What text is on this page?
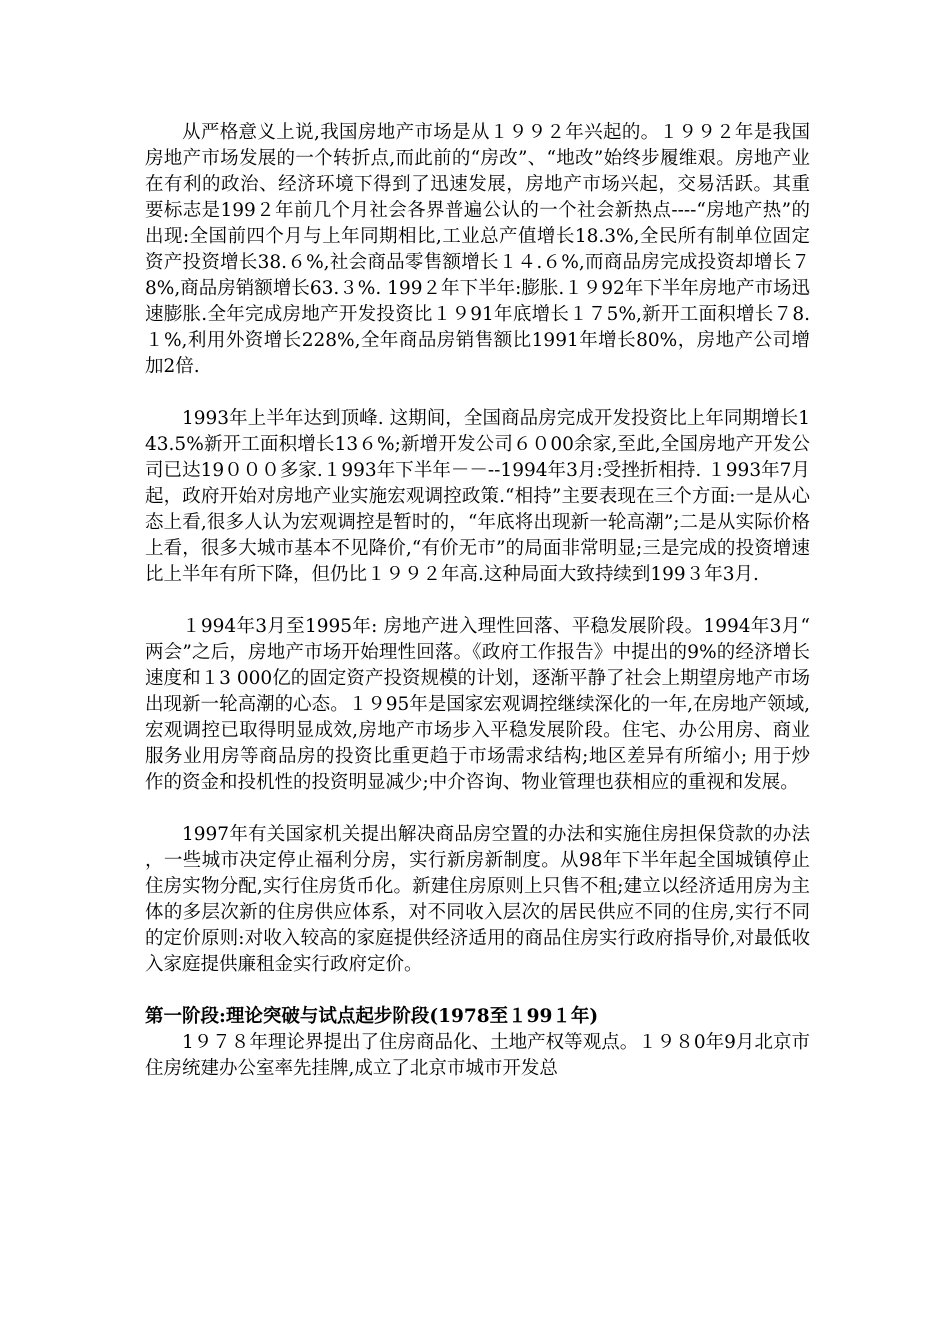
从严格意义上说,我国房地产市场是从１９９２年兴起的。１９９２年是我国房地产市场发展的一个转折点,而此前的“房改”、“地改”始终步履维艰。房地产业在有利的政治、经济环境下得到了迅速发展，房地产市场兴起，交易活跃。其重要标志是199２年前几个月社会各界普遍公认的一个社会新热点----“房地产热”的出现:全国前四个月与上年同期相比,工业总产值增长18.3%,全民所有制单位固定资产投资增长38.６%,社会商品零售额增长１４.６%,而商品房完成投资却增长７8%,商品房销额增长63.３%. 199２年下半年:膨胀.１９92年下半年房地产市场迅速膨胀.全年完成房地产开发投资比１９91年底增长１７5%,新开工面积增长７8.１%,利用外资增长228%,全年商品房销售额比1991年增长80%，房地产公司增加2倍.

1993年上半年达到顶峰. 这期间，全国商品房完成开发投资比上年同期增长143.5%新开工面积增长13６%;新增开发公司６０00余家,至此,全国房地产开发公司已达19０００多家.１993年下半年－－--1994年3月:受挫折相持. １993年7月起，政府开始对房地产业实施宏观调控政策.“相持”主要表现在三个方面:一是从心态上看,很多人认为宏观调控是暂时的，“年底将出现新一轮高潮”;二是从实际价格上看，很多大城市基本不见降价,“有价无市”的局面非常明显;三是完成的投资增速比上半年有所下降，但仍比１９９２年高.这种局面大致持续到199３年3月.

１994年3月至1995年: 房地产进入理性回落、平稳发展阶段。1994年3月“两会”之后，房地产市场开始理性回落。《政府工作报告》中提出的9%的经济增长速度和１3 000亿的固定资产投资规模的计划，逐渐平静了社会上期望房地产市场出现新一轮高潮的心态。１９95年是国家宏观调控继续深化的一年,在房地产领域,宏观调控已取得明显成效,房地产市场步入平稳发展阶段。住宅、办公用房、商业服务业用房等商品房的投资比重更趋于市场需求结构;地区差异有所缩小; 用于炒作的资金和投机性的投资明显减少;中介咨询、物业管理也获相应的重视和发展。

1997年有关国家机关提出解决商品房空置的办法和实施住房担保贷款的办法，一些城市决定停止福利分房，实行新房新制度。从98年下半年起全国城镇停止住房实物分配,实行住房货币化。新建住房原则上只售不租;建立以经济适用房为主体的多层次新的住房供应体系，对不同收入层次的居民供应不同的住房,实行不同的定价原则:对收入较高的家庭提供经济适用的商品住房实行政府指导价,对最低收入家庭提供廉租金实行政府定价。

第一阶段:理论突破与试点起步阶段(1978至１99１年)

1９７８年理论界提出了住房商品化、土地产权等观点。１９８0年9月北京市住房统建办公室率先挂牌,成立了北京市城市开发总
